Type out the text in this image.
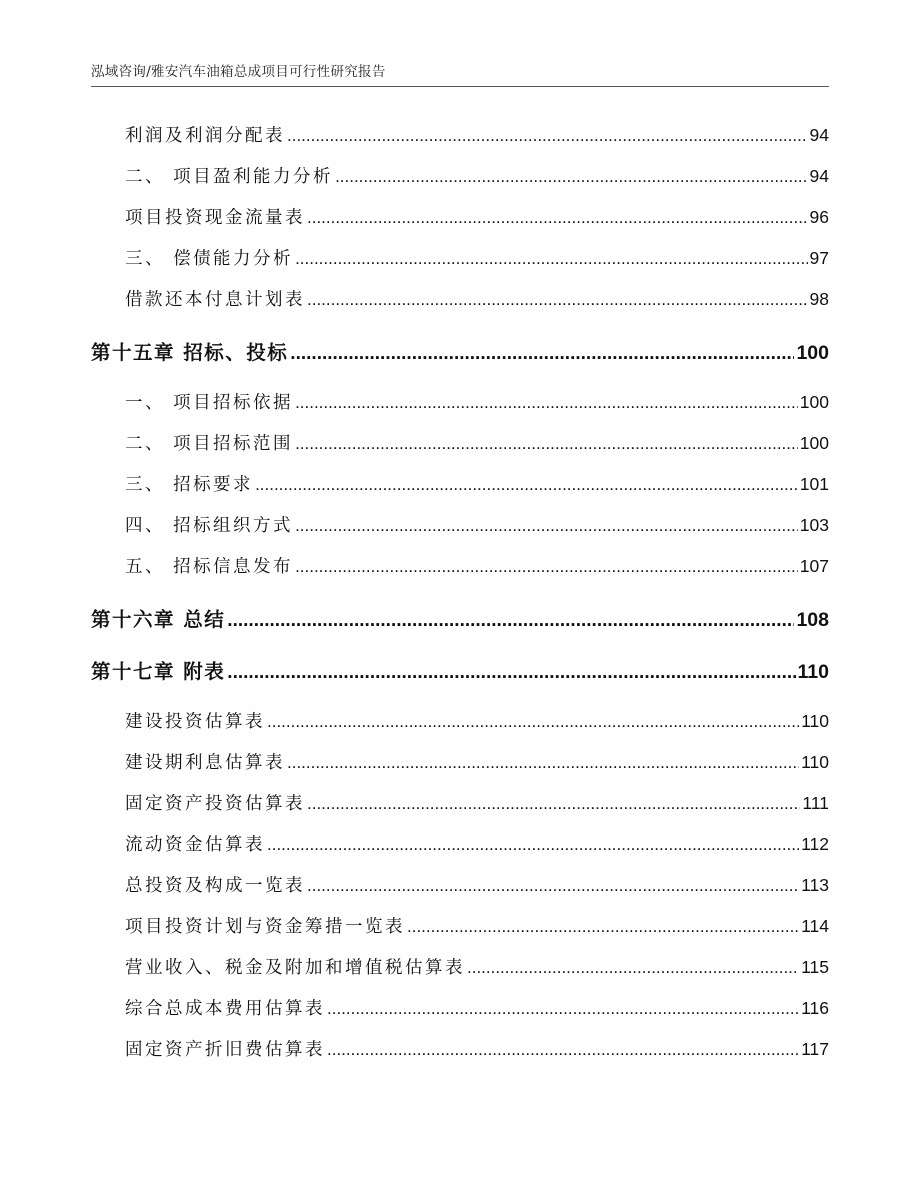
泓域咨询/雅安汽车油箱总成项目可行性研究报告
利润及利润分配表 .....	94
二、 项目盈利能力分析 .....	94
项目投资现金流量表 .....	96
三、 偿债能力分析 .....	97
借款还本付息计划表 .....	98
第十五章 招标、投标 .....	100
一、 项目招标依据 .....	100
二、 项目招标范围 .....	100
三、 招标要求 .....	101
四、 招标组织方式 .....	103
五、 招标信息发布 .....	107
第十六章 总结 .....	108
第十七章 附表 .....	110
建设投资估算表 .....	110
建设期利息估算表 .....	110
固定资产投资估算表 .....	111
流动资金估算表 .....	112
总投资及构成一览表 .....	113
项目投资计划与资金筹措一览表 .....	114
营业收入、税金及附加和增值税估算表 .....	115
综合总成本费用估算表 .....	116
固定资产折旧费估算表 .....	117
